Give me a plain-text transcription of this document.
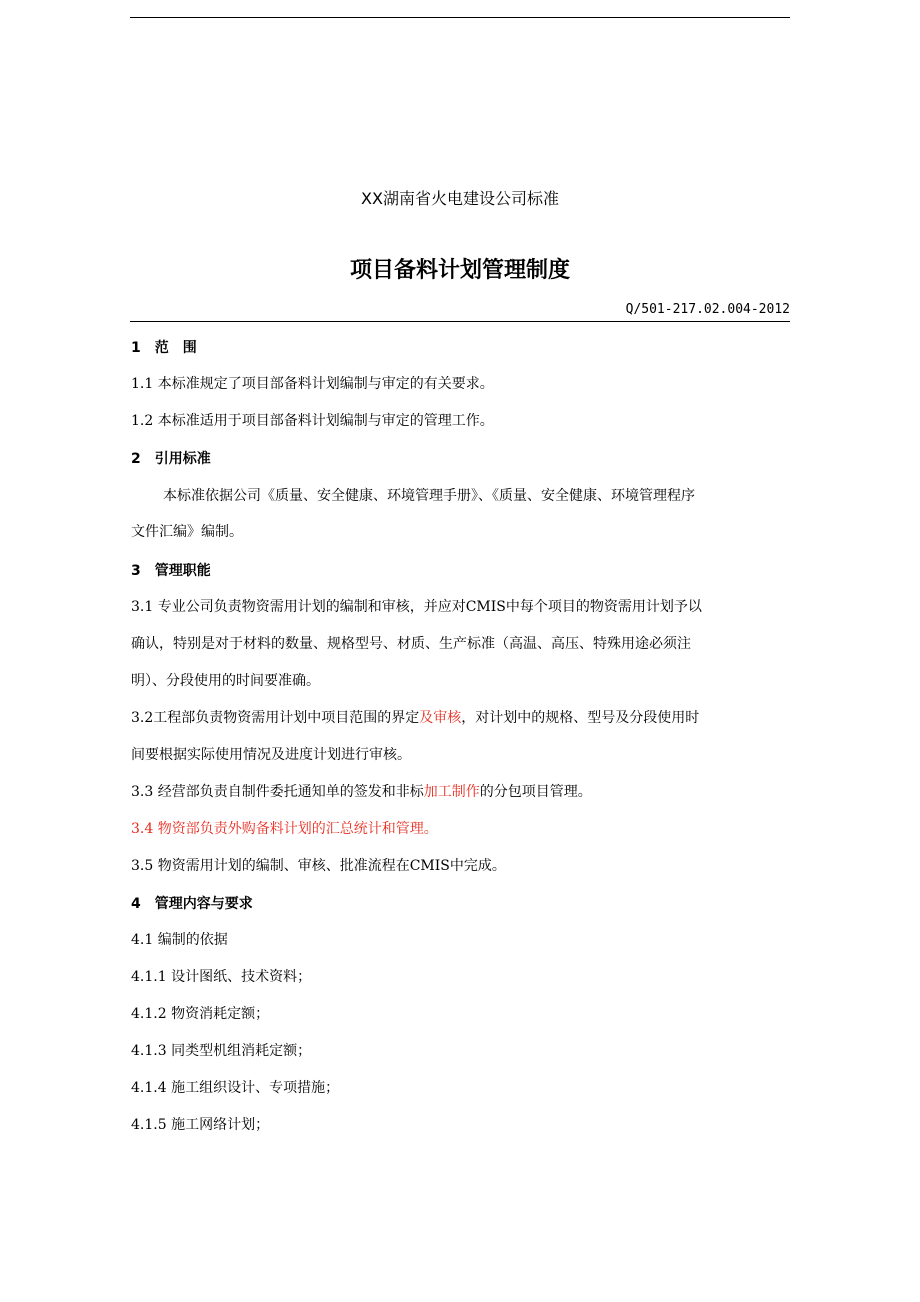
XX湖南省火电建设公司标准
项目备料计划管理制度
Q/501-217.02.004-2012
1　范　围
1.1 本标准规定了项目部备料计划编制与审定的有关要求。
1.2 本标准适用于项目部备料计划编制与审定的管理工作。
2　引用标准
本标准依据公司《质量、安全健康、环境管理手册》、《质量、安全健康、环境管理程序
文件汇编》编制。
3　管理职能
3.1 专业公司负责物资需用计划的编制和审核，并应对CMIS中每个项目的物资需用计划予以
确认，特别是对于材料的数量、规格型号、材质、生产标准（高温、高压、特殊用途必须注
明）、分段使用的时间要准确。
3.2工程部负责物资需用计划中项目范围的界定及审核，对计划中的规格、型号及分段使用时
间要根据实际使用情况及进度计划进行审核。
3.3 经营部负责自制件委托通知单的签发和非标加工制作的分包项目管理。
3.4 物资部负责外购备料计划的汇总统计和管理。
3.5 物资需用计划的编制、审核、批准流程在CMIS中完成。
4　管理内容与要求
4.1 编制的依据
4.1.1 设计图纸、技术资料；
4.1.2 物资消耗定额；
4.1.3 同类型机组消耗定额；
4.1.4 施工组织设计、专项措施；
4.1.5 施工网络计划；
